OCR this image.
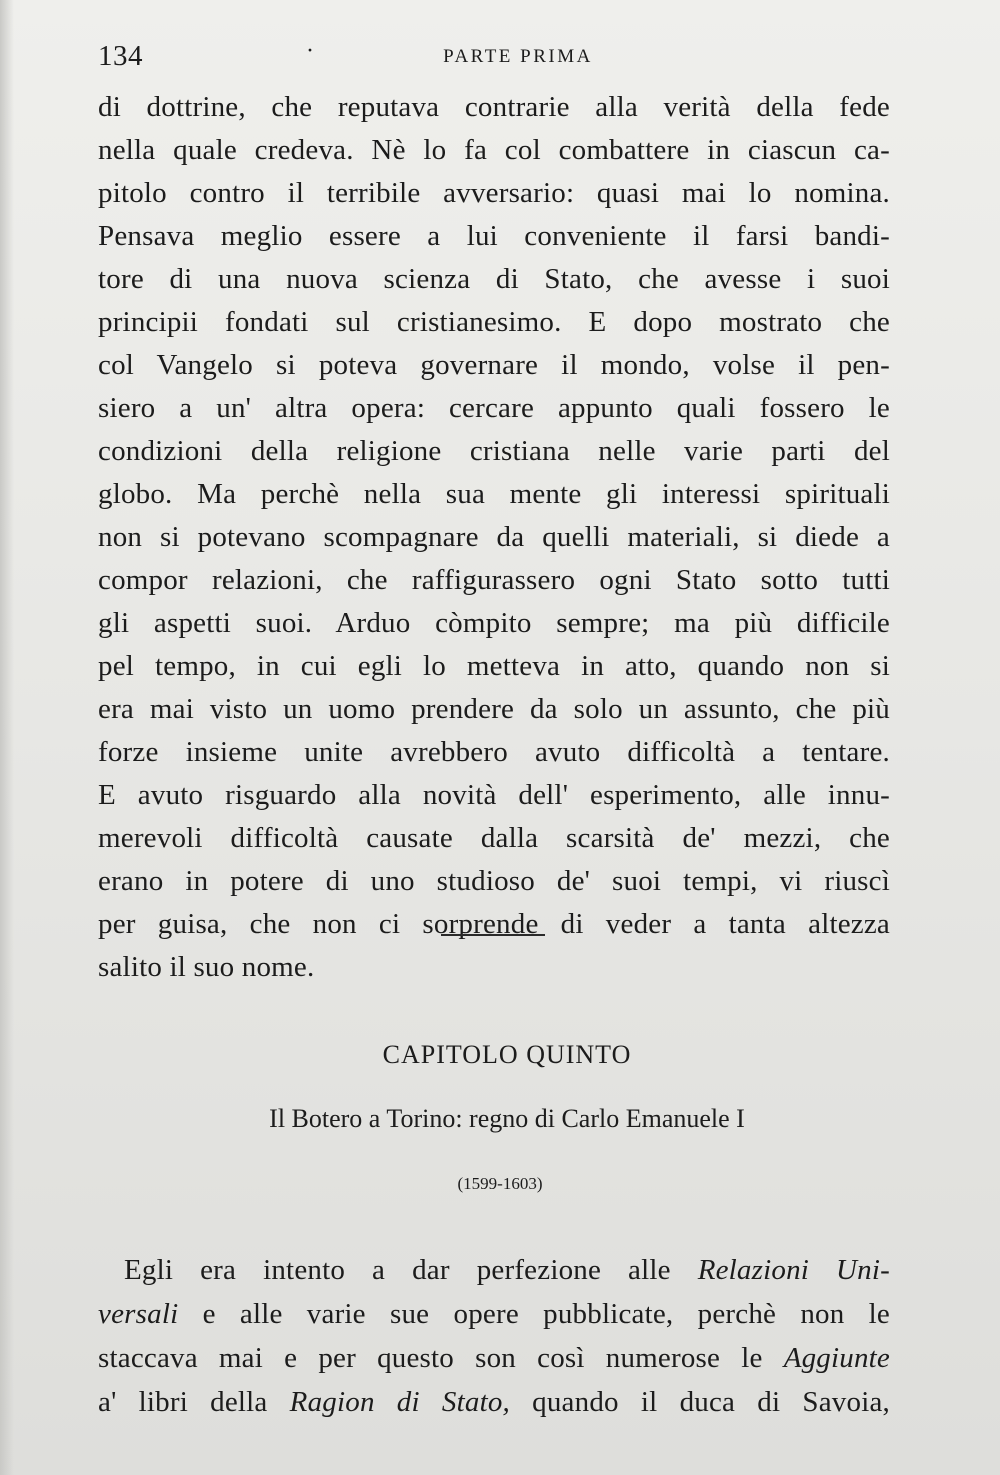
134	·	PARTE PRIMA
di dottrine, che reputava contrarie alla verità della fede
nella quale credeva. Nè lo fa col combattere in ciascun ca-
pitolo contro il terribile avversario: quasi mai lo nomina.
Pensava meglio essere a lui conveniente il farsi bandi-
tore di una nuova scienza di Stato, che avesse i suoi
principii fondati sul cristianesimo. E dopo mostrato che
col Vangelo si poteva governare il mondo, volse il pen-
siero a un' altra opera: cercare appunto quali fossero le
condizioni della religione cristiana nelle varie parti del
globo. Ma perchè nella sua mente gli interessi spirituali
non si potevano scompagnare da quelli materiali, si diede a
compor relazioni, che raffigurassero ogni Stato sotto tutti
gli aspetti suoi. Arduo còmpito sempre; ma più difficile
pel tempo, in cui egli lo metteva in atto, quando non si
era mai visto un uomo prendere da solo un assunto, che più
forze insieme unite avrebbero avuto difficoltà a tentare.
E avuto risguardo alla novità dell' esperimento, alle innu-
merevoli difficoltà causate dalla scarsità de' mezzi, che
erano in potere di uno studioso de' suoi tempi, vi riuscì
per guisa, che non ci sorprende di veder a tanta altezza
salito il suo nome.
CAPITOLO QUINTO
Il Botero a Torino: regno di Carlo Emanuele I
(1599-1603)
Egli era intento a dar perfezione alle Relazioni Uni-
versali e alle varie sue opere pubblicate, perchè non le
staccava mai e per questo son così numerose le Aggiunte
a' libri della Ragion di Stato, quando il duca di Savoia,
